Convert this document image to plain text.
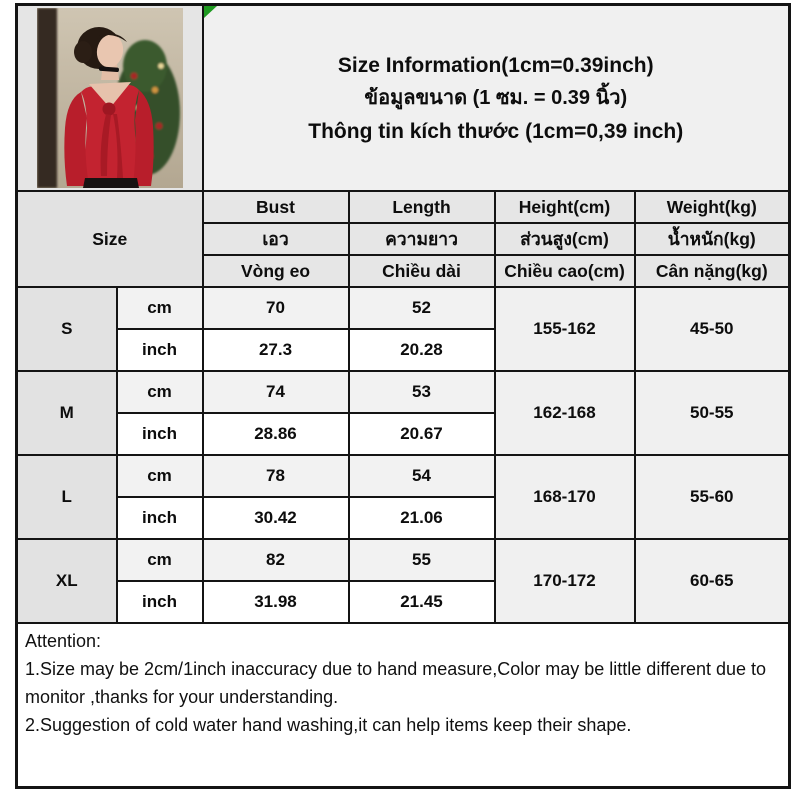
Size Information(1cm=0.39inch)
ข้อมูลขนาด (1 ซม. = 0.39 นิ้ว)
Thông tin kích thước (1cm=0,39 inch)			

Size		Bust	Length	Height(cm)	Weight(kg)
		เอว	ความยาว	ส่วนสูง(cm)	น้ำหนัก(kg)
		Vòng eo	Chiều dài	Chiều cao(cm)	Cân nặng(kg)
S	cm	70	52	155-162	45-50
	inch	27.3	20.28		
M	cm	74	53	162-168	50-55
	inch	28.86	20.67		
L	cm	78	54	168-170	55-60
	inch	30.42	21.06		
XL	cm	82	55	170-172	60-65
	inch	31.98	21.45		

Attention:
1.Size may be 2cm/1inch inaccuracy due to hand measure,Color may be little different due to monitor ,thanks for your understanding.
2.Suggestion of cold water hand washing,it can help items keep their shape.					
